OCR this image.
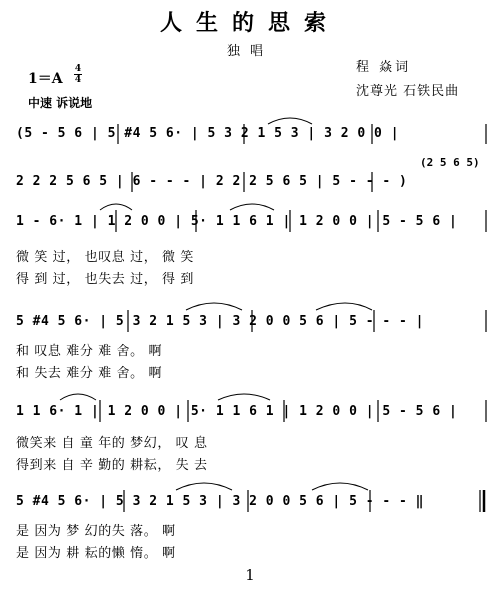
人生的思索
独唱
程 焱词
沈尊光 石铁民曲
1＝A
4
4
中速 诉说地
(5 - 5 6 | 5 #4 5 6· | 5 3 2 1 5 3 | 3 2 0 0 |
(2 5 6 5)
2 2 2 5 6 5 | 6 - - - | 2 2 2 5 6 5 | 5 - - - )
1 - 6· 1 | 1 2 0 0 | 5· 1 1 6 1 | 1 2 0 0 | 5 - 5 6 |
微 笑 过， 也叹息 过， 微 笑
得 到 过， 也失去 过， 得 到
5 #4 5 6· | 5 3 2 1 5 3 | 3 2 0 0 5 6 | 5 - - - |
和 叹息 难分 难 舍。 啊
和 失去 难分 难 舍。 啊
1 1 6· 1 | 1 2 0 0 | 5· 1 1 6 1 | 1 2 0 0 | 5 - 5 6 |
微笑来 自 童 年的 梦幻， 叹 息
得到来 自 辛 勤的 耕耘， 失 去
5 #4 5 6· | 5 3 2 1 5 3 | 3 2 0 0 5 6 | 5 - - - ‖
是 因为 梦 幻的失 落。 啊
是 因为 耕 耘的懒 惰。 啊
1
